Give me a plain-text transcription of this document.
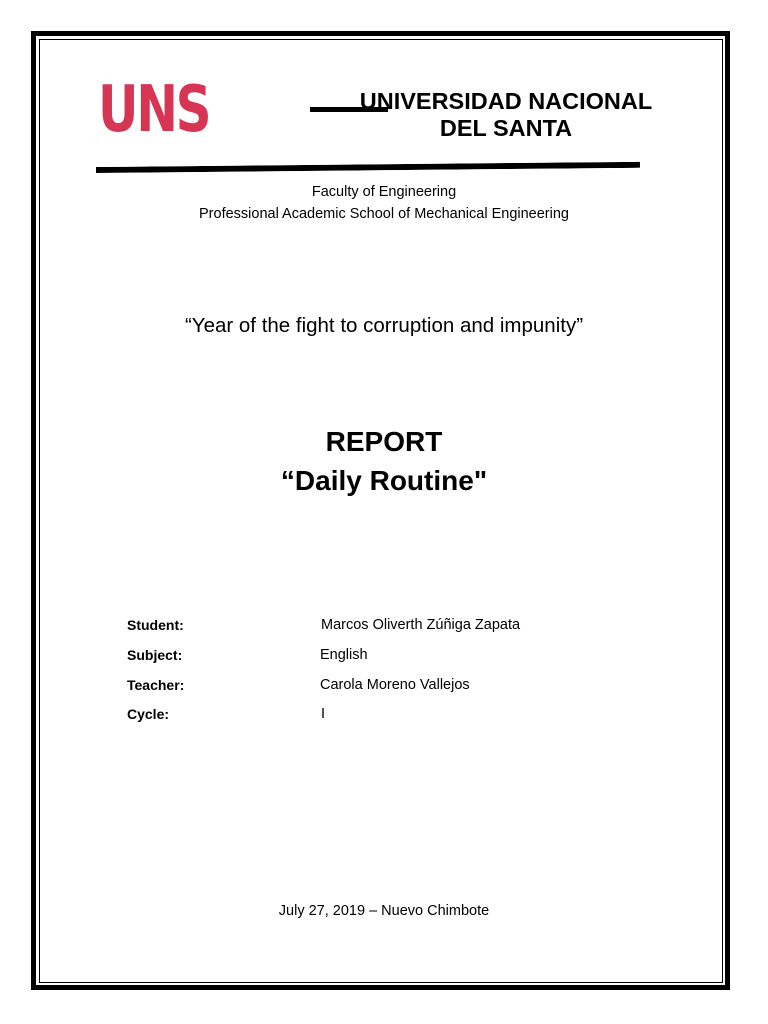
UNS	UNIVERSIDAD NACIONAL
DEL SANTA
Faculty of Engineering
Professional Academic School of Mechanical Engineering
“Year of the fight to corruption and impunity”
REPORT
“Daily Routine"
Student:	Marcos Oliverth Zúñiga Zapata
Subject:	English
Teacher:	Carola Moreno Vallejos
Cycle:	I
July 27, 2019 – Nuevo Chimbote
